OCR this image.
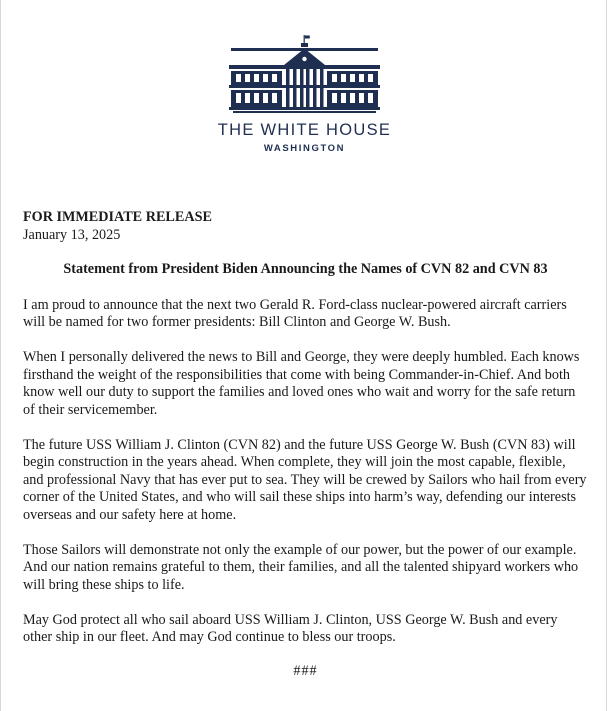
THE WHITE HOUSE
WASHINGTON

FOR IMMEDIATE RELEASE

January 13, 2025

Statement from President Biden Announcing the Names of CVN 82 and CVN 83

I am proud to announce that the next two Gerald R. Ford-class nuclear-powered aircraft carriers will be named for two former presidents: Bill Clinton and George W. Bush.

When I personally delivered the news to Bill and George, they were deeply humbled. Each knows firsthand the weight of the responsibilities that come with being Commander-in-Chief. And both know well our duty to support the families and loved ones who wait and worry for the safe return of their servicemember.

The future USS William J. Clinton (CVN 82) and the future USS George W. Bush (CVN 83) will begin construction in the years ahead. When complete, they will join the most capable, flexible, and professional Navy that has ever put to sea. They will be crewed by Sailors who hail from every corner of the United States, and who will sail these ships into harm’s way, defending our interests overseas and our safety here at home.

Those Sailors will demonstrate not only the example of our power, but the power of our example. And our nation remains grateful to them, their families, and all the talented shipyard workers who will bring these ships to life.

May God protect all who sail aboard USS William J. Clinton, USS George W. Bush and every other ship in our fleet. And may God continue to bless our troops.

###
